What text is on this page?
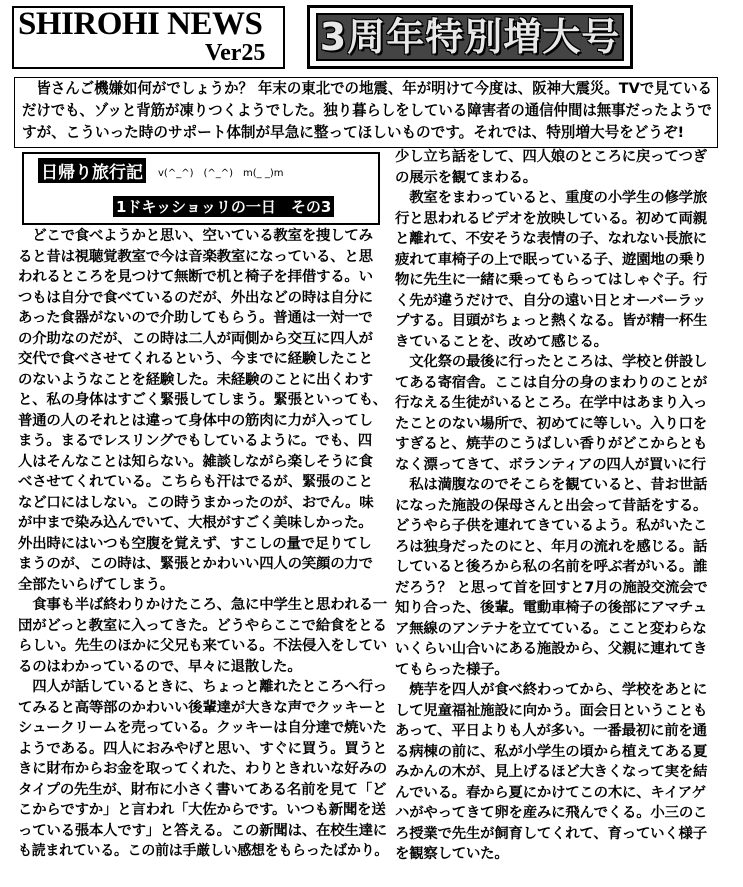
SHIROHI NEWS
Ver25 3周年特別増大号
　皆さんご機嫌如何がでしょうか？ 年末の東北での地震、年が明けて今度は、阪神大震災。TVで見ている
だけでも、ゾッと背筋が凍りつくようでした。独り暮らしをしている障害者の通信仲間は無事だったようで
すが、こういった時のサポート体制が早急に整ってほしいものです。それでは、特別増大号をどうぞ!
日帰り旅行記	v(^_^)　(^_^)　m(_ _)m
1ドキッショッリの一日　その3
　どこで食べようかと思い、空いている教室を捜してみ
ると昔は視聴覚教室で今は音楽教室になっている、と思
われるところを見つけて無断で机と椅子を拝借する。い
つもは自分で食べているのだが、外出などの時は自分に
あった食器がないので介助してもらう。普通は一対一で
の介助なのだが、この時は二人が両側から交互に四人が
交代で食べさせてくれるという、今までに経験したこと
のないようなことを経験した。未経験のことに出くわす
と、私の身体はすごく緊張してしまう。緊張といっても、
普通の人のそれとは違って身体中の筋肉に力が入ってし
まう。まるでレスリングでもしているように。でも、四
人はそんなことは知らない。雑談しながら楽しそうに食
べさせてくれている。こちらも汗はでるが、緊張のこと
など口にはしない。この時うまかったのが、おでん。味
が中まで染み込んでいて、大根がすごく美味しかった。
外出時にはいつも空腹を覚えず、すこしの量で足りてし
まうのが、この時は、緊張とかわいい四人の笑顔の力で
全部たいらげてしまう。
　食事も半ば終わりかけたころ、急に中学生と思われる一
団がどっと教室に入ってきた。どうやらここで給食をとる
らしい。先生のほかに父兄も来ている。不法侵入をしてい
るのはわかっているので、早々に退散した。
　四人が話しているときに、ちょっと離れたところへ行っ
てみると高等部のかわいい後輩達が大きな声でクッキーと
シュークリームを売っている。クッキーは自分達で焼いた
ようである。四人におみやげと思い、すぐに買う。買うと
きに財布からお金を取ってくれた、わりときれいな好みの
タイプの先生が、財布に小さく書いてある名前を見て「ど
こからですか」と言われ「大佐からです。いつも新聞を送
っている張本人です」と答える。この新聞は、在校生達に
も読まれている。この前は手厳しい感想をもらったばかり。
少し立ち話をして、四人娘のところに戻ってつぎ
の展示を観てまわる。
　教室をまわっていると、重度の小学生の修学旅
行と思われるビデオを放映している。初めて両親
と離れて、不安そうな表情の子、なれない長旅に
疲れて車椅子の上で眠っている子、遊園地の乗り
物に先生に一緒に乗ってもらってはしゃぐ子。行
く先が違うだけで、自分の遠い日とオーバーラッ
プする。目頭がちょっと熱くなる。皆が精一杯生
きていることを、改めて感じる。
　文化祭の最後に行ったところは、学校と併設し
てある寄宿舎。ここは自分の身のまわりのことが
行なえる生徒がいるところ。在学中はあまり入っ
たことのない場所で、初めてに等しい。入り口を
すぎると、焼芋のこうばしい香りがどこからとも
なく漂ってきて、ボランティアの四人が買いに行
　私は満腹なのでそこらを観ていると、昔お世話
になった施設の保母さんと出会って昔話をする。
どうやら子供を連れてきているよう。私がいたこ
ろは独身だったのにと、年月の流れを感じる。話
していると後ろから私の名前を呼ぶ者がいる。誰
だろう？ と思って首を回すと7月の施設交流会で
知り合った、後輩。電動車椅子の後部にアマチュ
ア無線のアンテナを立てている。ここと変わらな
いくらい山合いにある施設から、父親に連れてき
てもらった様子。
　焼芋を四人が食べ終わってから、学校をあとに
して児童福祉施設に向かう。面会日ということも
あって、平日よりも人が多い。一番最初に前を通
る病棟の前に、私が小学生の頃から植えてある夏
みかんの木が、見上げるほど大きくなって実を結
んでいる。春から夏にかけてこの木に、キイアゲ
ハがやってきて卵を産みに飛んでくる。小三のこ
ろ授業で先生が飼育してくれて、育っていく様子
を観察していた。
